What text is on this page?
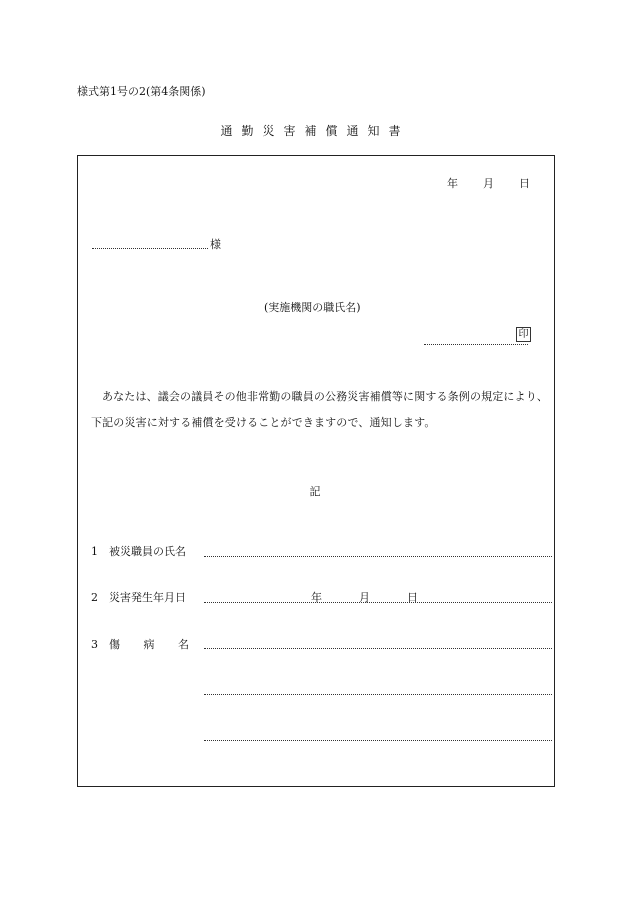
様式第1号の2(第4条関係)
通勤災害補償通知書
年 月 日
様
(実施機関の職氏名)
印
あなたは、議会の議員その他非常勤の職員の公務災害補償等に関する条例の規定により、下記の災害に対する補償を受けることができますので、通知します。
記
1 被災職員の氏名
2 災害発生年月日	年	月	日
3 傷 病 名
